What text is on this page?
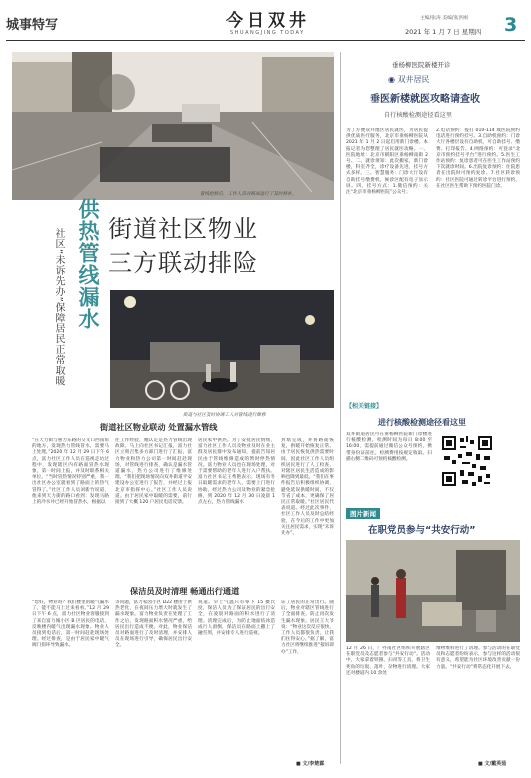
城事特写	今日双井
SHUANGJING TODAY
主编/张涛 美编/张洪刚
2021 年 1 月 7 日 星期四 3
管线抢修后，工作人员对路面进行了及时修补。
供热管线漏水
社区“未诉先办”保障居民正常取暖 街道社区物业
三方联动排险
街道与社区及时协调工人对管线进行维修
街道社区物业联动 处置漏水管线
“在天力街与惠力东路的交叉口西南角的地方，发现热力管线冒水，需要马上处理。”2020 年 12 月 29 日下午 6 点，富力社区工作人员在巡视走访过程中，发现辖区内有路面冒热水现象，第一时间上报，并及时联系相关单位。“当时冒热情况特别严重，我一出社区办公室就看到了路面上的热气冒得了。”社区工作人员刘新竹说道，他来到天力街的路口看到：发现马路上的冷水井已经开始冒热水，根据以
往工作经验，她认定是热力管线出现故障。马上向社区书记汇报，富力社区立刻召集多方部门进行了汇报，富力物业和热力公司第一时间赶赴现场，对管线进行排查，确认是漏水管道漏水，热力公司进行了维修处理。“我们把现场情况向双井街道平安建设办公室进行了报告，并经过上报北京市指挥中心。”社区工作人员说道。由于居民家中取暖的需要，前行接到了大概 120 户居民电话反馈。
居民家中供热。为了安抚居民情绪，富力社区工作人员及物业及时在业主群及居民群中发布通知，提前告知居民由于管线维修造成的暂时停热情况。富力物业人员也在现场处理，对于需要帮助的老年人进行入户帮扶。富力社区书记王秀艳表示，现场有冬日取暖需求的老年人，需要上门进行协助。经过热力公司及物业的紧急抢修，到 2020 年 12 月 30 日凌晨 1 点左右，热力管线漏水
封堵完成，并将路面恢复，供暖开始恢复正常。由于居民恢复供热需要时间，因此社区工作人员组织居民进行了人工检查，对辖区居民生活造成的影响也降到最低。“我们在事件报告后积极组织协调，避免延误供暖时间，不仅节省了成本，更确保了居民正常取暖。”社区居民代表说道。经过此次事件，社区工作人员及时总结经验，在今后的工作中更加关注居民需求，实现“未诉先办”。
保洁员及时清理 畅通出行通道
“您好，物业吗？我们楼里的暖气漏水了，能不能马上过来看看。”12 月 29 日下午 6 点，富力社区物业客服接到了来自富力城小区 B 区居民的电话，反映楼内暖气出现漏水现象。物业人员接到电话后，第一时间赶赴现场处理。经过排查，是由于居民家中暖气阀门损坏导致漏水。
等问题，富力家园小区 D22 楼由于供热老化，在夜间压力增大时就发生了漏水现象。富力物业负责在处理了工作之后，发现路面积水情况严重，给居民出行造成不便。对此，物业保洁员对路面进行了及时清理，并安排人员在现场进行引导，确保居民出行安全。
说道。早上气温只有零下 15 摄氏度，保洁人员为了保证居民的出行安全，在凌晨对路面的积水进行了清理。清理完成后，为防止地面结冰造成行人滑倒，保洁员在路面上撒上了融雪剂，并安排专人进行巡视。
证了居民的正常出行。随后，物业对辖区管线进行了全面排查，防止再次发生漏水现象。居民王大爷说：“物业这次反应很快，工作人员都很负责，让我们住得安心。”据了解，富力社区将继续推进“接诉即办”工作，
■ 文/李楚霖
垂杨柳医院新楼开诊
◉ 双井居民
垂医新楼就医攻略请查收
自行核酸检测途径看这里
为了方便双井地区居民就医，为居民提供优质医疗服务，北京市垂杨柳医院从 2021 年 1 月 2 日起启用新门诊楼。本报记者为您整理了居民就医攻略。一、医院地址：北京市朝阳区垂杨柳南街 2 号。二、就诊须知：此次搬家，新门诊楼，科室齐全，诊疗设备先进，挂号方式多样。三、智慧服务：门诊大厅设有自助挂号缴费机，候诊区配有电子显示屏。四、挂号方式：1.微信预约：关注“北京市垂杨柳医院”公众号；
2.电话预约：拨打 010-114 或医院预约电话进行预约挂号。3.自助机预约：门诊大厅各楼层设有自助机，可自助挂号、缴费、打印报告。4.网络预约：可登录“北京市预约挂号平台”进行预约。5.医生工作站预约：复诊患者可在医生工作站预约下次就诊时间。6.出院复诊预约：住院患者在出院时可预约复诊。7.社区转诊预约：社区医院可通过转诊平台进行预约，在社区医生帮助下预约医院门诊。
【相关链接】
进行核酸检测途径看这里
双井街道居民可在垂杨柳医院新门诊楼进行核酸检测。检测时间为每日 8:00 至 16:00，需提前通过微信公众号预约，携带身份证前往。检测费用按规定收取。扫描右侧二维码可预约核酸检测。
图片新闻
在职党员参与“共安行动”
12 月 26 日，广外南社区组织开展辖区在职党员及志愿者参与“共安行动”。活动中，大家拿着铁锹、扫帚等工具，将卫生死角的垃圾、落叶、杂物进行清理。大家还对楼道内 10 余处
堆物堆料进行了清理。参与活动的在职党员和志愿者纷纷表示，参与这样的活动很有意义，希望能为社区环境改善贡献一份力量。“共安行动”将常态化开展下去。
■ 文/戴英茹
